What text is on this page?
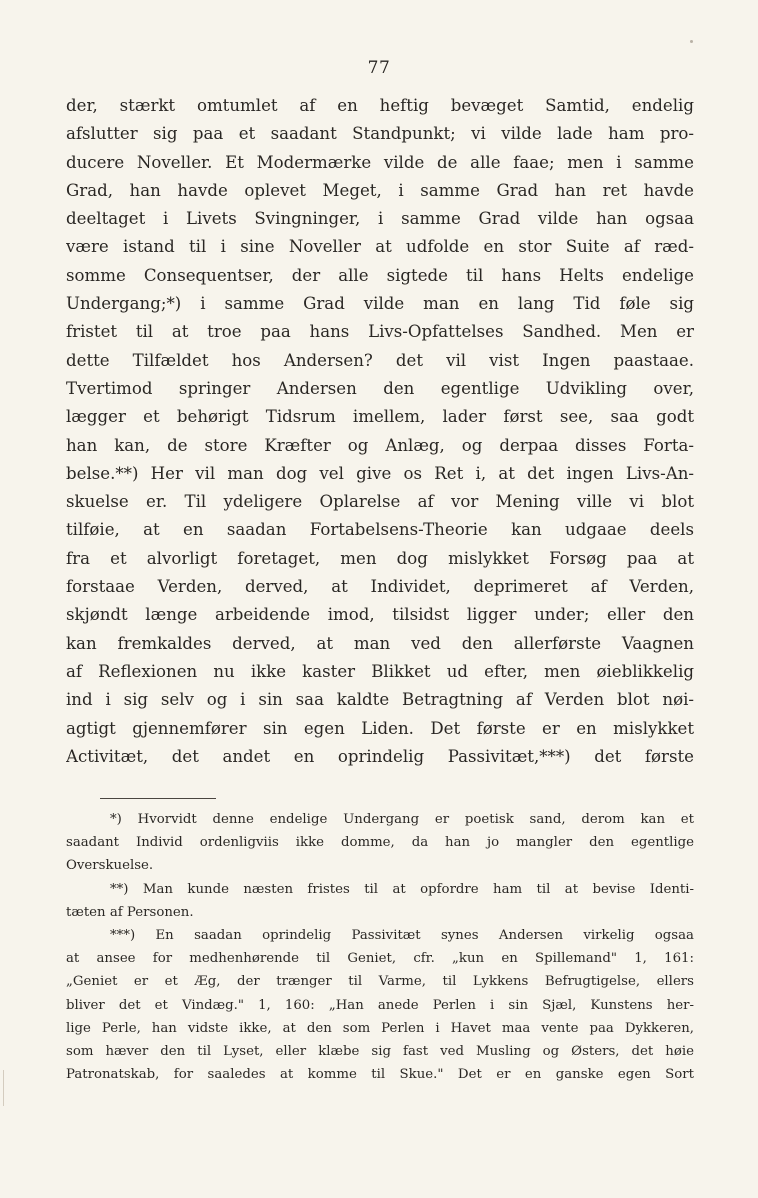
77
der, stærkt omtumlet af en heftig bevæget Samtid, endelig
afslutter sig paa et saadant Standpunkt; vi vilde lade ham pro-
ducere Noveller. Et Modermærke vilde de alle faae; men i samme
Grad, han havde oplevet Meget, i samme Grad han ret havde
deeltaget i Livets Svingninger, i samme Grad vilde han ogsaa
være istand til i sine Noveller at udfolde en stor Suite af ræd-
somme Consequentser, der alle sigtede til hans Helts endelige
Undergang;*) i samme Grad vilde man en lang Tid føle sig
fristet til at troe paa hans Livs-Opfattelses Sandhed. Men er
dette Tilfældet hos Andersen? det vil vist Ingen paastaae.
Tvertimod springer Andersen den egentlige Udvikling over,
lægger et behørigt Tidsrum imellem, lader først see, saa godt
han kan, de store Kræfter og Anlæg, og derpaa disses Forta-
belse.**) Her vil man dog vel give os Ret i, at det ingen Livs-An-
skuelse er. Til ydeligere Oplarelse af vor Mening ville vi blot
tilføie, at en saadan Fortabelsens-Theorie kan udgaae deels
fra et alvorligt foretaget, men dog mislykket Forsøg paa at
forstaae Verden, derved, at Individet, deprimeret af Verden,
skjøndt længe arbeidende imod, tilsidst ligger under; eller den
kan fremkaldes derved, at man ved den allerførste Vaagnen
af Reflexionen nu ikke kaster Blikket ud efter, men øieblikkelig
ind i sig selv og i sin saa kaldte Betragtning af Verden blot nøi-
agtigt gjennemfører sin egen Liden. Det første er en mislykket
Activitæt, det andet en oprindelig Passivitæt,***) det første
*) Hvorvidt denne endelige Undergang er poetisk sand, derom kan et
saadant Individ ordenligviis ikke domme, da han jo mangler den egentlige
Overskuelse.
**) Man kunde næsten fristes til at opfordre ham til at bevise Identi-
tæten af Personen.
***) En saadan oprindelig Passivitæt synes Andersen virkelig ogsaa
at ansee for medhenhørende til Geniet, cfr. „kun en Spillemand" 1, 161:
„Geniet er et Æg, der trænger til Varme, til Lykkens Befrugtigelse, ellers
bliver det et Vindæg." 1, 160: „Han anede Perlen i sin Sjæl, Kunstens her-
lige Perle, han vidste ikke, at den som Perlen i Havet maa vente paa Dykkeren,
som hæver den til Lyset, eller klæbe sig fast ved Musling og Østers, det høie
Patronatskab, for saaledes at komme til Skue." Det er en ganske egen Sort
